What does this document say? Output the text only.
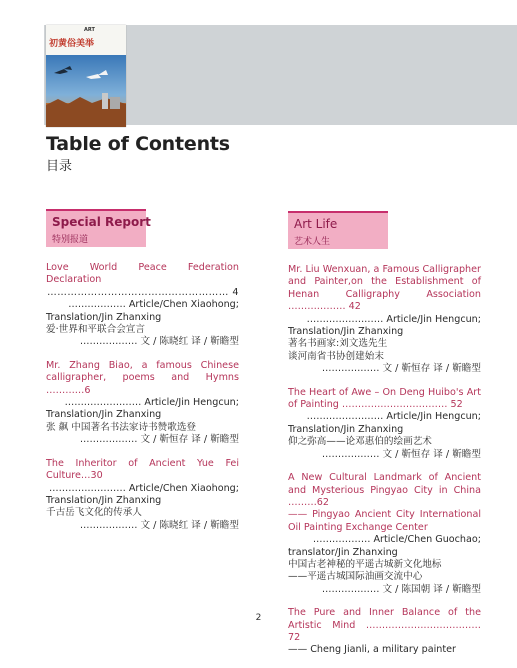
ART
初黄俗美举
Table of Contents
目录
Special Report
特别报道
Art Life
艺术人生
Love World Peace Federation Declaration
……………………………………………… 4
……………… Article/Chen Xiaohong;
Translation/Jin Zhanxing
爱·世界和平联合会宣言
……………… 文 / 陈晓红 译 / 靳瞻型
Mr. Zhang Biao, a famous Chinese calligrapher, poems and Hymns …………6
…………………… Article/Jin Hengcun;
Translation/Jin Zhanxing
张 飙 中国著名书法家诗书赞歌选登
……………… 文 / 靳恒存 译 / 靳瞻型
The Inheritor of Ancient Yue Fei Culture…30
…………………… Article/Chen Xiaohong;
Translation/Jin Zhanxing
千古岳飞文化的传承人
……………… 文 / 陈晓红 译 / 靳瞻型
Mr. Liu Wenxuan, a Famous Calligrapher and Painter,on the Establishment of Henan Calligraphy Association ……………… 42
…………………… Article/Jin Hengcun;
Translation/Jin Zhanxing
著名书画家:刘文选先生
谈河南省书协创建始末
……………… 文 / 靳恒存 译 / 靳瞻型
The Heart of Awe – On Deng Huibo's Art of Painting …………………………… 52
…………………… Article/Jin Hengcun;
Translation/Jin Zhanxing
仰之弥高——论邓惠伯的绘画艺术
……………… 文 / 靳恒存 译 / 靳瞻型
A New Cultural Landmark of Ancient and Mysterious Pingyao City in China ………62
—— Pingyao Ancient City International Oil Painting Exchange Center
……………… Article/Chen Guochao;
translator/Jin Zhanxing
中国古老神秘的平遥古城新文化地标
——平遥古城国际油画交流中心
……………… 文 / 陈国朝 译 / 靳瞻型
The Pure and Inner Balance of the Artistic Mind ……………………………… 72
—— Cheng Jianli, a military painter
2
